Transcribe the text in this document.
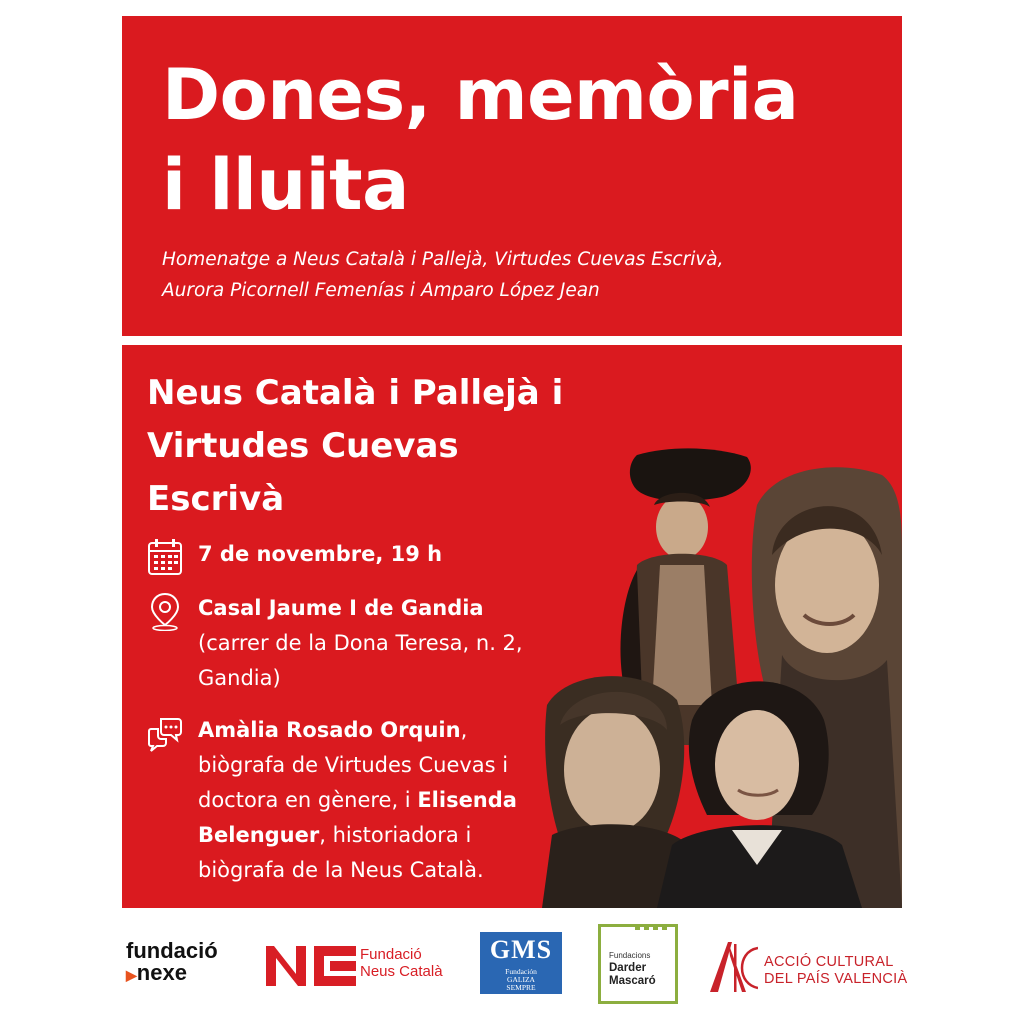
Dones, memòria
i lluita
Homenatge a Neus Català i Pallejà, Virtudes Cuevas Escrivà,
Aurora Picornell Femenías i Amparo López Jean
Neus Català i Pallejà i
Virtudes Cuevas
Escrivà
7 de novembre, 19 h
Casal Jaume I de Gandia
(carrer de la Dona Teresa, n. 2,
Gandia)
Amàlia Rosado Orquin,
biògrafa de Virtudes Cuevas i
doctora en gènere, i Elisenda
Belenguer, historiadora i
biògrafa de la Neus Català.
fundació
▶nexe
Fundació
Neus Català
GMS
Fundación
GALIZA
SEMPRE
Fundacions
Darder
Mascaró
ACCIÓ CULTURAL
DEL PAÍS VALENCIÀ
